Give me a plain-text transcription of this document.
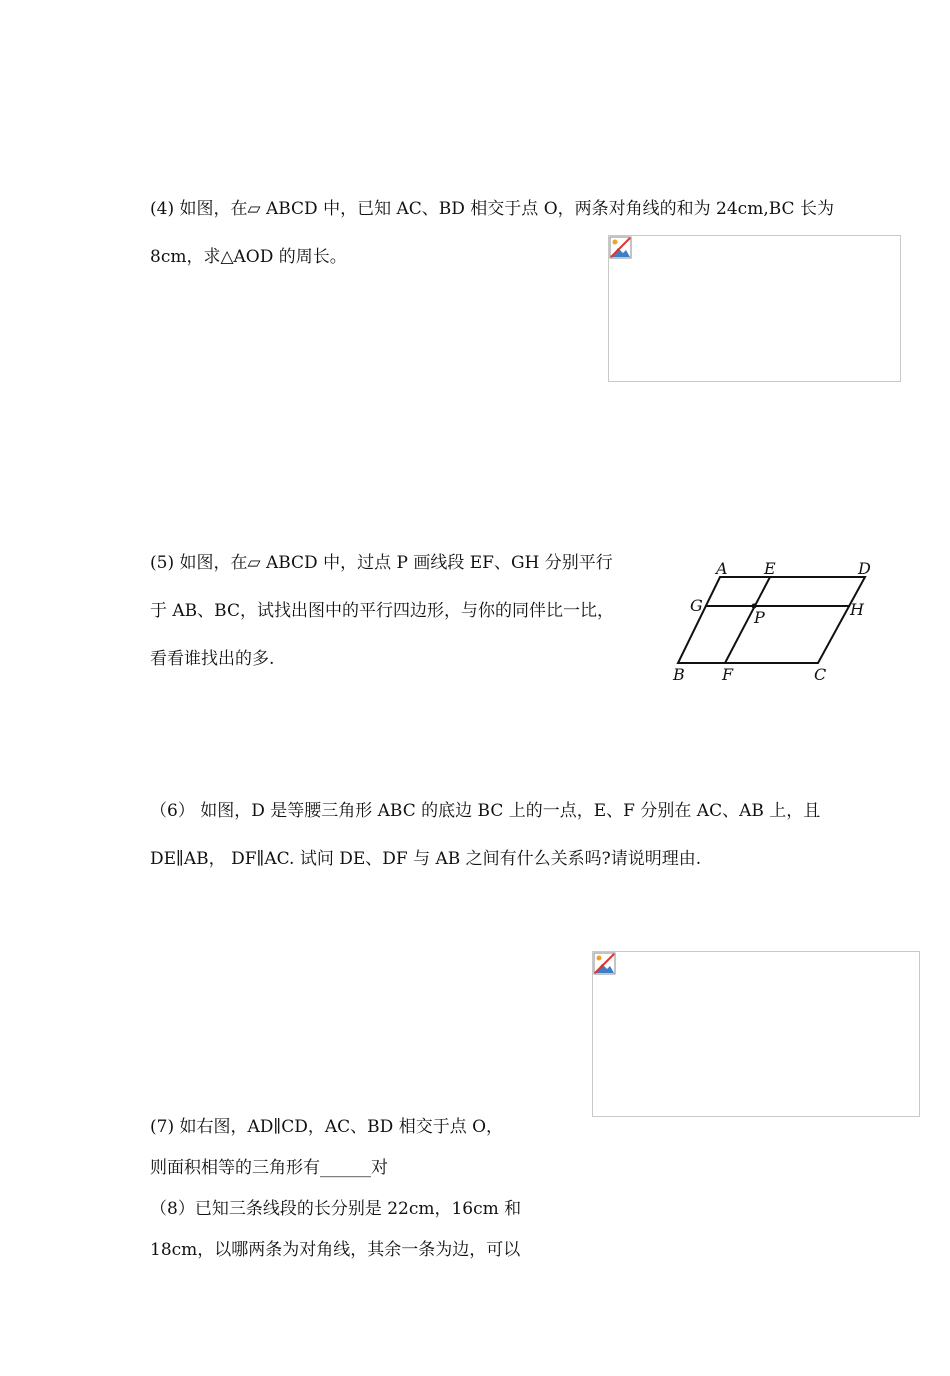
(4) 如图，在▱ ABCD 中，已知 AC、BD 相交于点 O，两条对角线的和为 24cm,BC 长为
8cm，求△AOD 的周长。
(5) 如图，在▱ ABCD 中，过点 P 画线段 EF、GH 分别平行
于 AB、BC，试找出图中的平行四边形，与你的同伴比一比，
看看谁找出的多.
A E	D
G
P	H
B F	C
（6） 如图，D 是等腰三角形 ABC 的底边 BC 上的一点，E、F 分别在 AC、AB 上，且
DE∥AB， DF∥AC. 试问 DE、DF 与 AB 之间有什么关系吗?请说明理由.
(7) 如右图，AD∥CD，AC、BD 相交于点 O，
则面积相等的三角形有______对
（8）已知三条线段的长分别是 22cm，16cm 和
18cm，以哪两条为对角线，其余一条为边，可以
